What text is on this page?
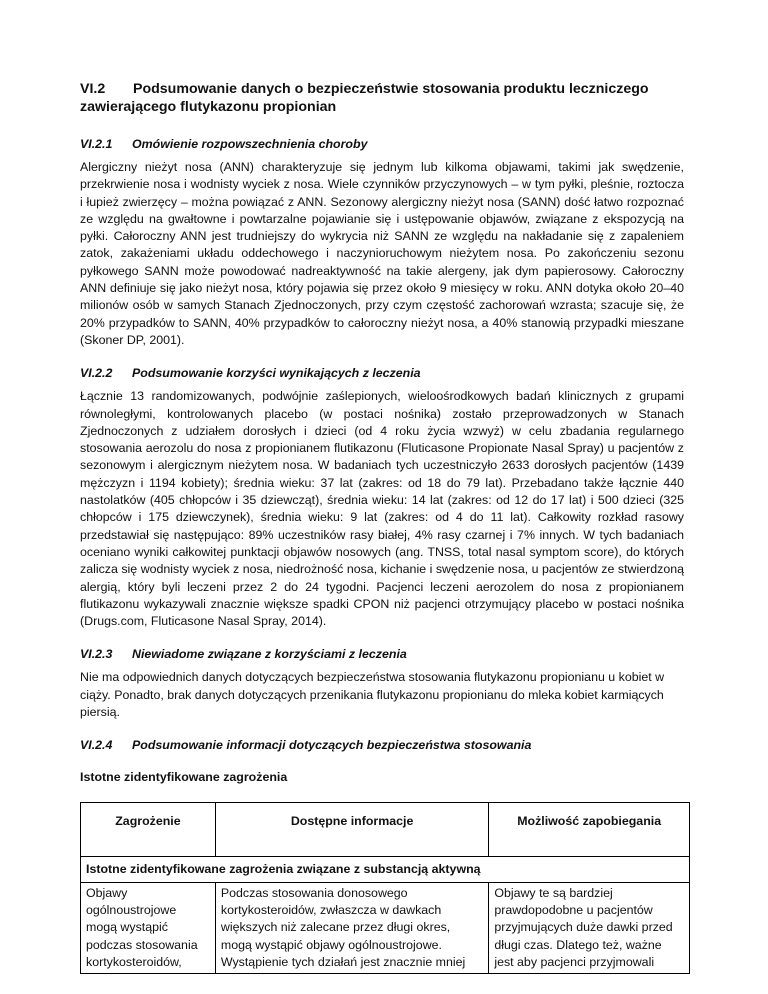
VI.2 Podsumowanie danych o bezpieczeństwie stosowania produktu leczniczego
zawierającego flutykazonu propionian
VI.2.1 Omówienie rozpowszechnienia choroby

Alergiczny nieżyt nosa (ANN) charakteryzuje się jednym lub kilkoma objawami, takimi jak swędzenie, przekrwienie nosa i wodnisty wyciek z nosa. Wiele czynników przyczynowych – w tym pyłki, pleśnie, roztocza i łupież zwierzęcy – można powiązać z ANN. Sezonowy alergiczny nieżyt nosa (SANN) dość łatwo rozpoznać ze względu na gwałtowne i powtarzalne pojawianie się i ustępowanie objawów, związane z ekspozycją na pyłki. Całoroczny ANN jest trudniejszy do wykrycia niż SANN ze względu na nakładanie się z zapaleniem zatok, zakażeniami układu oddechowego i naczynioruchowym nieżytem nosa. Po zakończeniu sezonu pyłkowego SANN może powodować nadreaktywność na takie alergeny, jak dym papierosowy. Całoroczny ANN definiuje się jako nieżyt nosa, który pojawia się przez około 9 miesięcy w roku. ANN dotyka około 20–40 milionów osób w samych Stanach Zjednoczonych, przy czym częstość zachorowań wzrasta; szacuje się, że 20% przypadków to SANN, 40% przypadków to całoroczny nieżyt nosa, a 40% stanowią przypadki mieszane (Skoner DP, 2001).

VI.2.2 Podsumowanie korzyści wynikających z leczenia

Łącznie 13 randomizowanych, podwójnie zaślepionych, wieloośrodkowych badań klinicznych z grupami równoległymi, kontrolowanych placebo (w postaci nośnika) zostało przeprowadzonych w Stanach Zjednoczonych z udziałem dorosłych i dzieci (od 4 roku życia wzwyż) w celu zbadania regularnego stosowania aerozolu do nosa z propionianem flutikazonu (Fluticasone Propionate Nasal Spray) u pacjentów z sezonowym i alergicznym nieżytem nosa. W badaniach tych uczestniczyło 2633 dorosłych pacjentów (1439 mężczyzn i 1194 kobiety); średnia wieku: 37 lat (zakres: od 18 do 79 lat). Przebadano także łącznie 440 nastolatków (405 chłopców i 35 dziewcząt), średnia wieku: 14 lat (zakres: od 12 do 17 lat) i 500 dzieci (325 chłopców i 175 dziewczynek), średnia wieku: 9 lat (zakres: od 4 do 11 lat). Całkowity rozkład rasowy przedstawiał się następująco: 89% uczestników rasy białej, 4% rasy czarnej i 7% innych. W tych badaniach oceniano wyniki całkowitej punktacji objawów nosowych (ang. TNSS, total nasal symptom score), do których zalicza się wodnisty wyciek z nosa, niedrożność nosa, kichanie i swędzenie nosa, u pacjentów ze stwierdzoną alergią, który byli leczeni przez 2 do 24 tygodni. Pacjenci leczeni aerozolem do nosa z propionianem flutikazonu wykazywali znacznie większe spadki CPON niż pacjenci otrzymujący placebo w postaci nośnika (Drugs.com, Fluticasone Nasal Spray, 2014).

VI.2.3 Niewiadome związane z korzyściami z leczenia

Nie ma odpowiednich danych dotyczących bezpieczeństwa stosowania flutykazonu propionianu u kobiet w ciąży. Ponadto, brak danych dotyczących przenikania flutykazonu propionianu do mleka kobiet karmiących piersią.

VI.2.4 Podsumowanie informacji dotyczących bezpieczeństwa stosowania
Istotne zidentyfikowane zagrożenia
Zagrożenie	Dostępne informacje	Możliwość zapobiegania
Istotne zidentyfikowane zagrożenia związane z substancją aktywną		
Objawy ogólnoustrojowe mogą wystąpić podczas stosowania kortykosteroidów,	Podczas stosowania donosowego kortykosteroidów, zwłaszcza w dawkach większych niż zalecane przez długi okres, mogą wystąpić objawy ogólnoustrojowe. Wystąpienie tych działań jest znacznie mniej	Objawy te są bardziej prawdopodobne u pacjentów przyjmujących duże dawki przed długi czas. Dlatego też, ważne jest aby pacjenci przyjmowali
